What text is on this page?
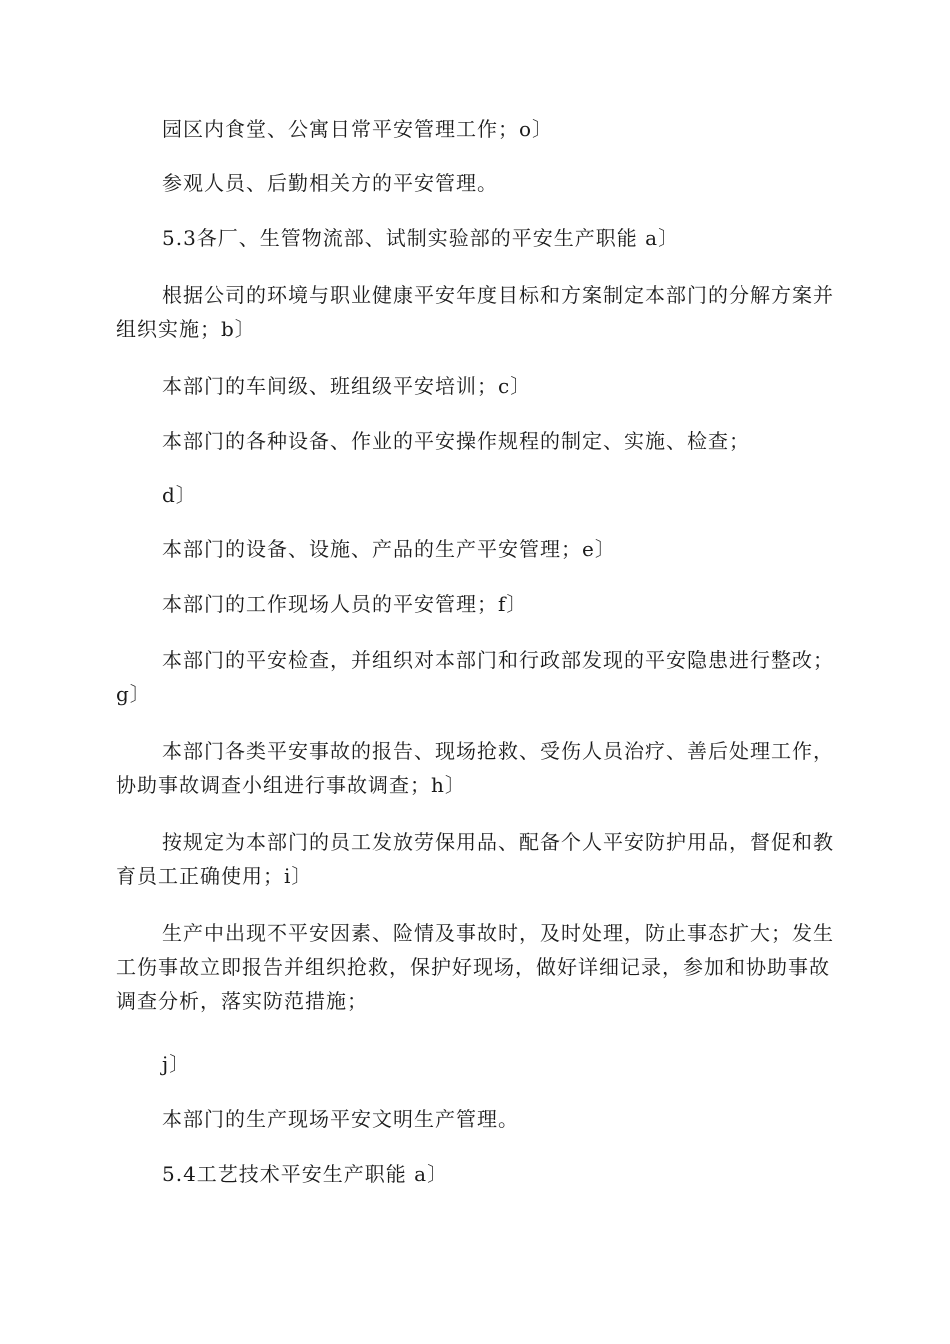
园区内食堂、公寓日常平安管理工作；o〕

参观人员、后勤相关方的平安管理。

5.3各厂、生管物流部、试制实验部的平安生产职能 a〕

根据公司的环境与职业健康平安年度目标和方案制定本部门的分解方案并组织实施；b〕

本部门的车间级、班组级平安培训；c〕

本部门的各种设备、作业的平安操作规程的制定、实施、检查；

d〕

本部门的设备、设施、产品的生产平安管理；e〕

本部门的工作现场人员的平安管理；f〕

本部门的平安检查，并组织对本部门和行政部发现的平安隐患进行整改；g〕

本部门各类平安事故的报告、现场抢救、受伤人员治疗、善后处理工作，协助事故调查小组进行事故调查；h〕

按规定为本部门的员工发放劳保用品、配备个人平安防护用品，督促和教育员工正确使用；i〕

生产中出现不平安因素、险情及事故时，及时处理，防止事态扩大；发生工伤事故立即报告并组织抢救，保护好现场，做好详细记录，参加和协助事故调查分析，落实防范措施；

j〕

本部门的生产现场平安文明生产管理。

5.4工艺技术平安生产职能 a〕
